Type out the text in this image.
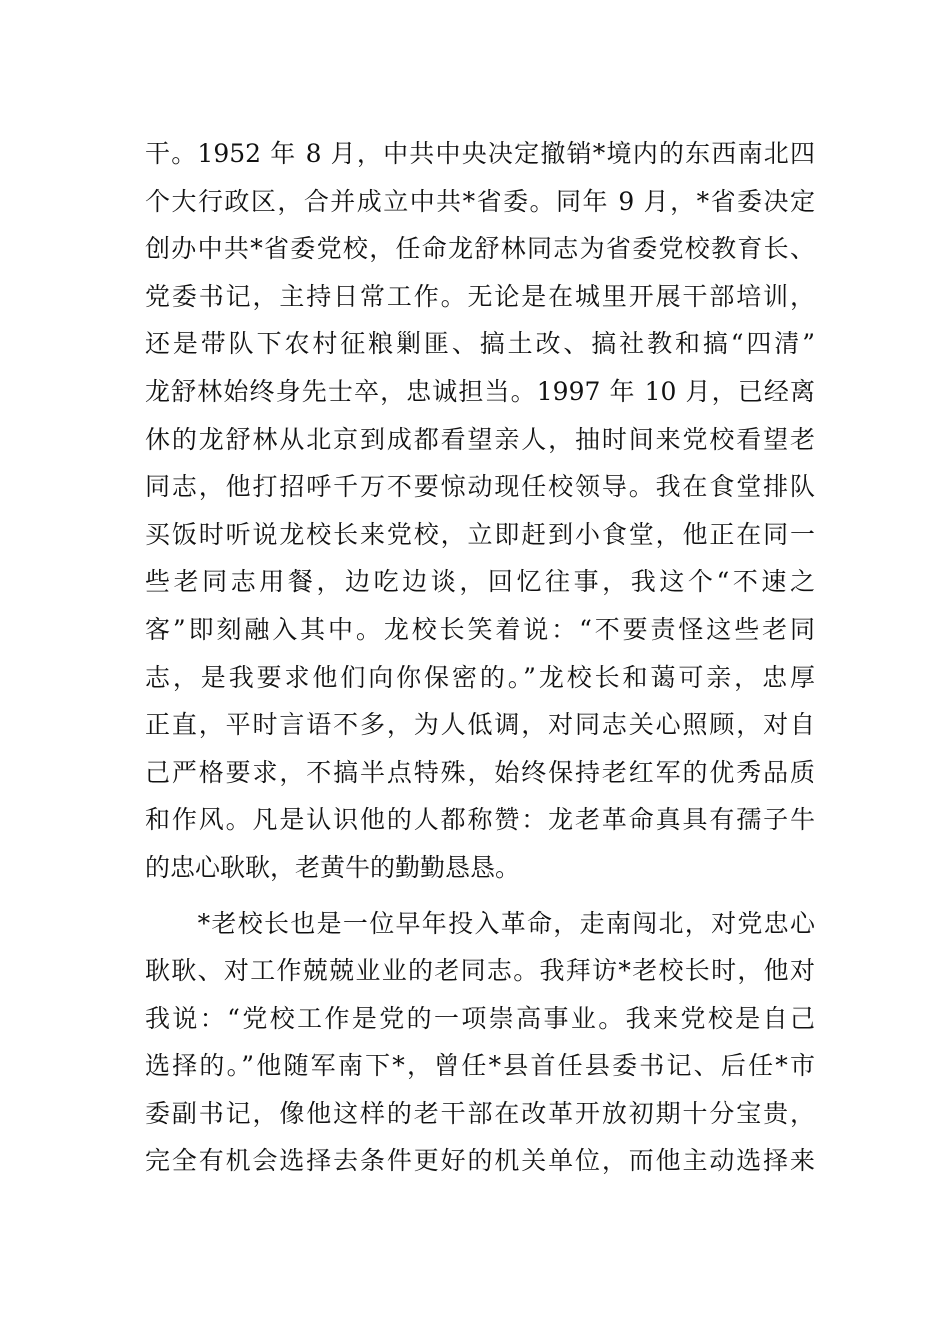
干。1952 年 8 月，中共中央决定撤销*境内的东西南北四
个大行政区，合并成立中共*省委。同年 9 月，*省委决定
创办中共*省委党校，任命龙舒林同志为省委党校教育长、
党委书记，主持日常工作。无论是在城里开展干部培训，
还是带队下农村征粮剿匪、搞土改、搞社教和搞“四清”
龙舒林始终身先士卒，忠诚担当。1997 年 10 月，已经离
休的龙舒林从北京到成都看望亲人，抽时间来党校看望老
同志，他打招呼千万不要惊动现任校领导。我在食堂排队
买饭时听说龙校长来党校，立即赶到小食堂，他正在同一
些老同志用餐，边吃边谈，回忆往事，我这个“不速之
客”即刻融入其中。龙校长笑着说：“不要责怪这些老同
志，是我要求他们向你保密的。”龙校长和蔼可亲，忠厚
正直，平时言语不多，为人低调，对同志关心照顾，对自
己严格要求，不搞半点特殊，始终保持老红军的优秀品质
和作风。凡是认识他的人都称赞：龙老革命真具有孺子牛
的忠心耿耿，老黄牛的勤勤恳恳。
　　*老校长也是一位早年投入革命，走南闯北，对党忠心
耿耿、对工作兢兢业业的老同志。我拜访*老校长时，他对
我说：“党校工作是党的一项崇高事业。我来党校是自己
选择的。”他随军南下*，曾任*县首任县委书记、后任*市
委副书记，像他这样的老干部在改革开放初期十分宝贵，
完全有机会选择去条件更好的机关单位，而他主动选择来
